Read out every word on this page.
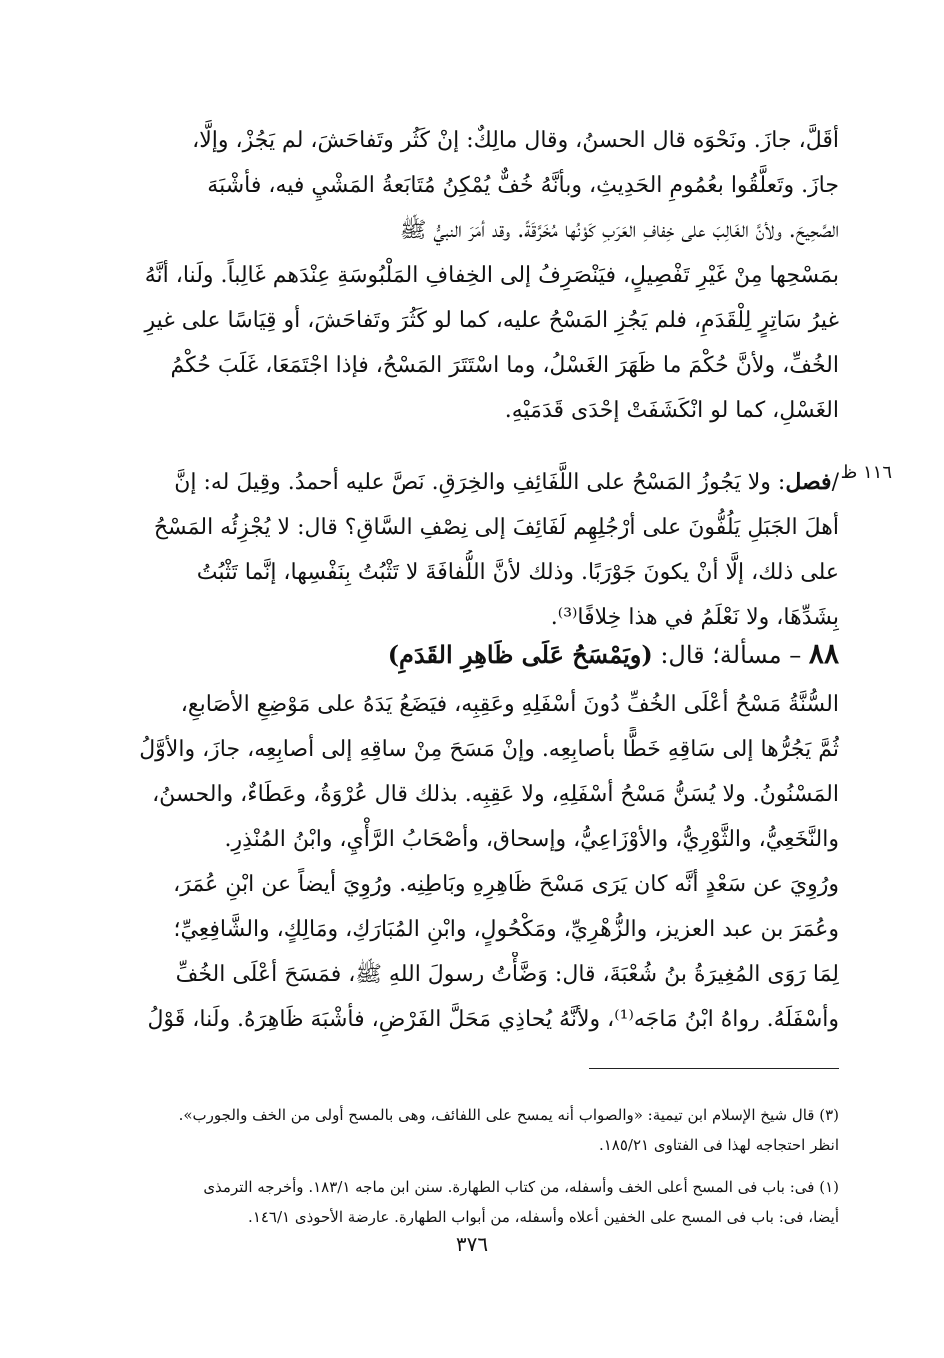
أقَلَّ، جازَ. ونَحْوَه قال الحسنُ، وقال مالِكٌ: إنْ كَثُر وتَفاحَشَ، لم يَجُزْ، وإلَّا،
جازَ. وتَعلَّقُوا بعُمُومِ الحَدِيثِ، وبأنَّهُ خُفٌّ يُمْكِنُ مُتَابَعةُ المَشْيِ فيه، فأشْبَهَ
الصَّحِيحَ. ولأنَّ الغَالِبَ على خِفافِ العَرَبِ كَوْنُها مُخَرَّقَةً. وقد أمَرَ النبيُّ ﷺ
بمَسْحِها مِنْ غَيْرِ تَفْصِيلٍ، فيَنْصَرِفُ إلى الخِفافِ المَلْبُوسَةِ عِنْدَهم غَالِباً. ولَنا، أنَّهُ
غيرُ سَاتِرٍ لِلْقَدَمِ، فلم يَجُزِ المَسْحُ عليه، كما لو كَثُرَ وتَفاحَشَ، أو قِيَاسًا على غيرِ
الخُفِّ، ولأنَّ حُكْمَ ما ظَهَرَ الغَسْلُ، وما اسْتَتَرَ المَسْحُ، فإذا اجْتَمَعَا، غَلَبَ حُكْمُ
الغَسْلِ، كما لو انْكَشَفَتْ إحْدَى قَدَمَيْهِ.
١١٦ ظ
/فصل: ولا يَجُوزُ المَسْحُ على اللَّفَائِفِ والخِرَقِ. نَصَّ عليه أحمدُ. وقِيلَ له: إنَّ
أهلَ الجَبَلِ يَلُفُّونَ على أرْجُلِهِم لَفَائِفَ إلى نِصْفِ السَّاقِ؟ قال: لا يُجْزِئُه المَسْحُ
على ذلك، إلَّا أنْ يكونَ جَوْرَبًا. وذلك لأنَّ اللُّفافَةَ لا تَثْبُتُ بِنَفْسِها، إنَّما تَثْبُتُ
بِشَدِّهَا، ولا نَعْلَمُ في هذا خِلافًا⁽³⁾.
٨٨ – مسألة؛ قال: (ويَمْسَحُ عَلَى ظَاهِرِ القَدَمِ)
السُّنَّةُ مَسْحُ أعْلَى الخُفِّ دُونَ أسْفَلِهِ وعَقِبِه، فيَضَعُ يَدَهُ على مَوْضِعِ الأصَابعِ،
ثُمَّ يَجُرُّها إلى سَاقِهِ خَطًّا بأصابِعِه. وإنْ مَسَحَ مِنْ ساقِهِ إلى أصابِعِه، جازَ، والأوَّلُ
المَسْنُونُ. ولا يُسَنُّ مَسْحُ أسْفَلِهِ، ولا عَقِبِه. بذلك قال عُرْوَةُ، وعَطَاءٌ، والحسنُ،
والنَّخَعِيُّ، والثَّوْرِيُّ، والأوْزَاعِيُّ، وإسحاق، وأصْحَابُ الرَّأْيِ، وابْنُ المُنْذِرِ.
ورُوِيَ عن سَعْدٍ أنَّه كان يَرَى مَسْحَ ظَاهِرِهِ وبَاطِنِه. ورُوِيَ أيضاً عن ابْنِ عُمَرَ،
وعُمَرَ بن عبد العزيز، والزُّهْرِيِّ، ومَكْحُولٍ، وابْنِ المُبَارَكِ، ومَالِكٍ، والشَّافِعِيِّ؛
لِمَا رَوَى المُغِيرَةُ بنُ شُعْبَةَ، قال: وَضَّأْتُ رسولَ اللهِ ﷺ، فمَسَحَ أعْلَى الخُفِّ
وأسْفَلَهُ. رواهُ ابْنُ مَاجَه⁽¹⁾، ولأنَّهُ يُحاذِي مَحَلَّ الفَرْضِ، فأشْبَهَ ظَاهِرَهُ. ولَنا، قَوْلُ
(٣) قال شيخ الإسلام ابن تيمية: «والصواب أنه يمسح على اللفائف، وهى بالمسح أولى من الخف والجورب».
انظر احتجاجه لهذا فى الفتاوى ١٨٥/٢١.
(١) فى: باب فى المسح أعلى الخف وأسفله، من كتاب الطهارة. سنن ابن ماجه ١٨٣/١. وأخرجه الترمذى
أيضا، فى: باب فى المسح على الخفين أعلاه وأسفله، من أبواب الطهارة. عارضة الأحوذى ١٤٦/١.
٣٧٦
